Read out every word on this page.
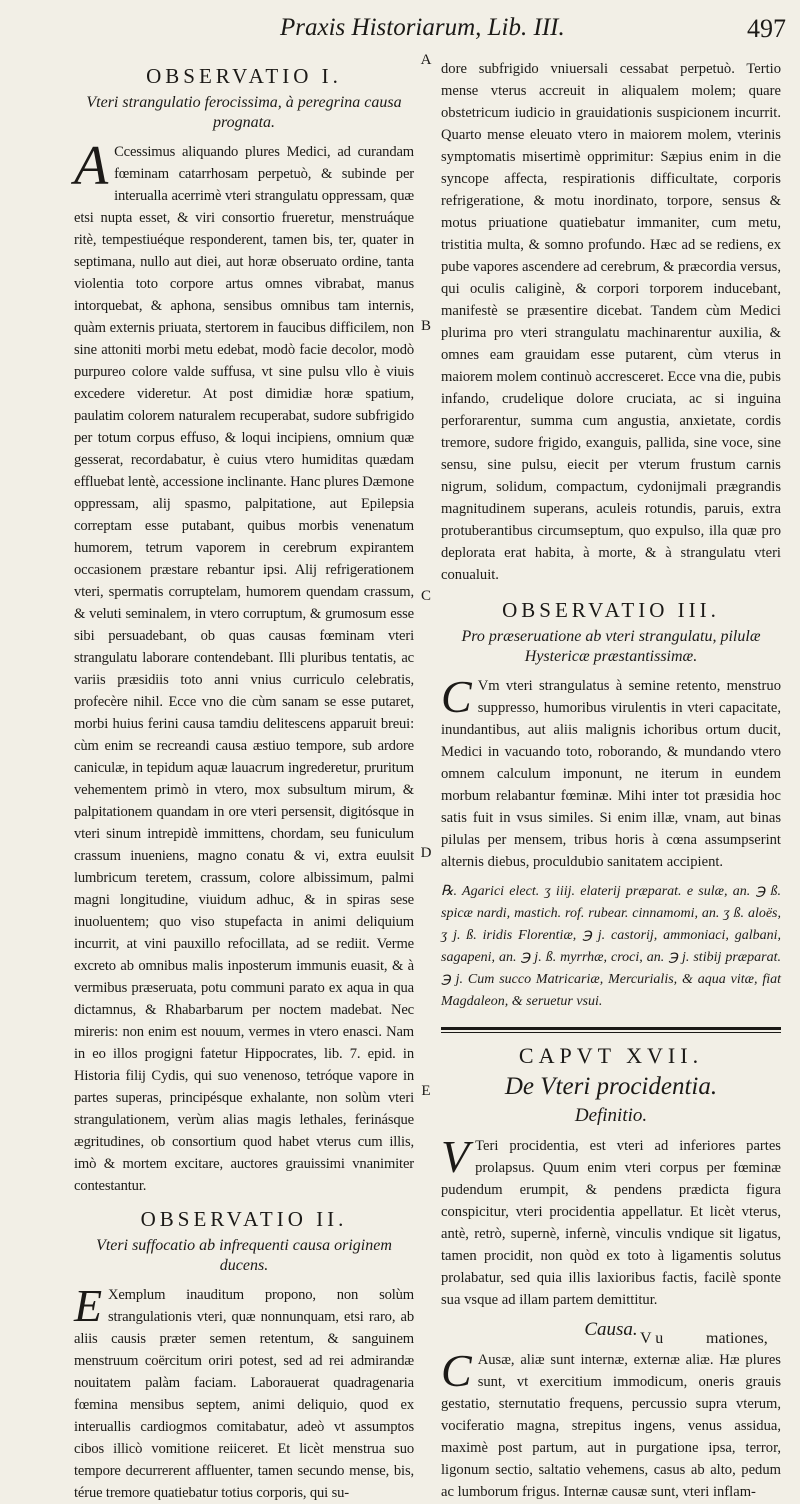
Praxis Historiarum, Lib. III.	497
A
B
C
D
E
OBSERVATIO I.
Vteri strangulatio ferocissima, à peregrina causa prognata.

A Ccessimus aliquando plures Medici, ad curandam fœminam catarrhosam perpetuò, & subinde per interualla acerrimè vteri strangulatu oppressam, quæ etsi nupta esset, & viri consortio frueretur, menstruáque ritè, tempestiuéque responderent, tamen bis, ter, quater in septimana, nullo aut diei, aut horæ obseruato ordine, tanta violentia toto corpore artus omnes vibrabat, manus intorquebat, & aphona, sensibus omnibus tam internis, quàm externis priuata, stertorem in faucibus difficilem, non sine attoniti morbi metu edebat, modò facie decolor, modò purpureo colore valde suffusa, vt sine pulsu vllo è viuis excedere videretur. At post dimidiæ horæ spatium, paulatim colorem naturalem recuperabat, sudore subfrigido per totum corpus effuso, & loqui incipiens, omnium quæ gesserat, recordabatur, è cuius vtero humiditas quædam effluebat lentè, accessione inclinante. Hanc plures Dæmone oppressam, alij spasmo, palpitatione, aut Epilepsia correptam esse putabant, quibus morbis venenatum humorem, tetrum vaporem in cerebrum expirantem occasionem præstare rebantur ipsi. Alij refrigerationem vteri, spermatis corruptelam, humorem quendam crassum, & veluti seminalem, in vtero corruptum, & grumosum esse sibi persuadebant, ob quas causas fœminam vteri strangulatu laborare contendebant. Illi pluribus tentatis, ac variis præsidiis toto anni vnius curriculo celebratis, profecère nihil. Ecce vno die cùm sanam se esse putaret, morbi huius ferini causa tamdiu delitescens apparuit breui: cùm enim se recreandi causa æstiuo tempore, sub ardore caniculæ, in tepidum aquæ lauacrum ingrederetur, pruritum vehementem primò in vtero, mox subsultum mirum, & palpitationem quandam in ore vteri persensit, digitósque in vteri sinum intrepidè immittens, chordam, seu funiculum crassum inueniens, magno conatu & vi, extra euulsit lumbricum teretem, crassum, colore albissimum, palmi magni longitudine, viuidum adhuc, & in spiras sese inuoluentem; quo viso stupefacta in animi deliquium incurrit, at vini pauxillo refocillata, ad se rediit. Verme excreto ab omnibus malis inposterum immunis euasit, & à vermibus præseruata, potu communi parato ex aqua in qua dictamnus, & Rhabarbarum per noctem madebat. Nec mireris: non enim est nouum, vermes in vtero enasci. Nam in eo illos progigni fatetur Hippocrates, lib. 7. epid. in Historia filij Cydis, qui suo venenoso, tetróque vapore in partes superas, principésque exhalante, non solùm vteri strangulationem, verùm alias magis lethales, ferinásque ægritudines, ob consortium quod habet vterus cum illis, imò & mortem excitare, auctores grauissimi vnanimiter contestantur.

OBSERVATIO II.
Vteri suffocatio ab infrequenti causa originem ducens.

E Xemplum inauditum propono, non solùm strangulationis vteri, quæ nonnunquam, etsi raro, ab aliis causis præter semen retentum, & sanguinem menstruum coërcitum oriri potest, sed ad rei admirandæ nouitatem palàm faciam. Laborauerat quadragenaria fœmina mensibus septem, animi deliquio, quod ex interuallis cardiogmos comitabatur, adeò vt assumptos cibos illicò vomitione reiiceret. Et licèt menstrua suo tempore decurrerent affluenter, tamen secundo mense, bis, térue tremore quatiebatur totius corporis, qui su-

dore subfrigido vniuersali cessabat perpetuò. Tertio mense vterus accreuit in aliqualem molem; quare obstetricum iudicio in grauidationis suspicionem incurrit. Quarto mense eleuato vtero in maiorem molem, vterinis symptomatis misertimè opprimitur: Sæpius enim in die syncope affecta, respirationis difficultate, corporis refrigeratione, & motu inordinato, torpore, sensus & motus priuatione quatiebatur immaniter, cum metu, tristitia multa, & somno profundo. Hæc ad se rediens, ex pube vapores ascendere ad cerebrum, & præcordia versus, qui oculis caliginè, & corpori torporem inducebant, manifestè se præsentire dicebat. Tandem cùm Medici plurima pro vteri strangulatu machinarentur auxilia, & omnes eam grauidam esse putarent, cùm vterus in maiorem molem continuò accresceret. Ecce vna die, pubis infando, crudelique dolore cruciata, ac si inguina perforarentur, summa cum angustia, anxietate, cordis tremore, sudore frigido, exanguis, pallida, sine voce, sine sensu, sine pulsu, eiecit per vterum frustum carnis nigrum, solidum, compactum, cydonijmali prægrandis magnitudinem superans, aculeis rotundis, paruis, extra protuberantibus circumseptum, quo expulso, illa quæ pro deplorata erat habita, à morte, & à strangulatu vteri conualuit.

OBSERVATIO III.
Pro præseruatione ab vteri strangulatu, pilulæ Hystericæ præstantissimæ.

C Vm vteri strangulatus à semine retento, menstruo suppresso, humoribus virulentis in vteri capacitate, inundantibus, aut aliis malignis ichoribus ortum ducit, Medici in vacuando toto, roborando, & mundando vtero omnem calculum imponunt, ne iterum in eundem morbum relabantur fœminæ. Mihi inter tot præsidia hoc satis fuit in vsus similes. Si enim illæ, vnam, aut binas pilulas per mensem, tribus horis à cœna assumpserint alternis diebus, proculdubio sanitatem accipient.

℞. Agarici elect. ʒ iiij. elaterij præparat. e sulæ, an. ℈ ß. spicæ nardi, mastich. rof. rubear. cinnamomi, an. ʒ ß. aloës, ʒ j. ß. iridis Florentiæ, ℈ j. castorij, ammoniaci, galbani, sagapeni, an. ℈ j. ß. myrrhæ, croci, an. ℈ j. stibij præparat. ℈ j. Cum succo Matricariæ, Mercurialis, & aqua vitæ, fiat Magdaleon, & seruetur vsui.

CAPVT XVII.
De Vteri procidentia.
Definitio.

V Teri procidentia, est vteri ad inferiores partes prolapsus. Quum enim vteri corpus per fœminæ pudendum erumpit, & pendens prædicta figura conspicitur, vteri procidentia appellatur. Et licèt vterus, antè, retrò, supernè, infernè, vinculis vndique sit ligatus, tamen procidit, non quòd ex toto à ligamentis solutus prolabatur, sed quia illis laxioribus factis, facilè sponte sua vsque ad illam partem demittitur.

Causa.

C Ausæ, aliæ sunt internæ, externæ aliæ. Hæ plures sunt, vt exercitium immodicum, oneris grauis gestatio, sternutatio frequens, percussio supra vterum, vociferatio magna, strepitus ingens, venus assidua, maximè post partum, aut in purgatione ipsa, terror, ligonum sectio, saltatio vehemens, casus ab alto, pedum ac lumborum frigus. Internæ causæ sunt, vteri inflam-

V u	mationes,
